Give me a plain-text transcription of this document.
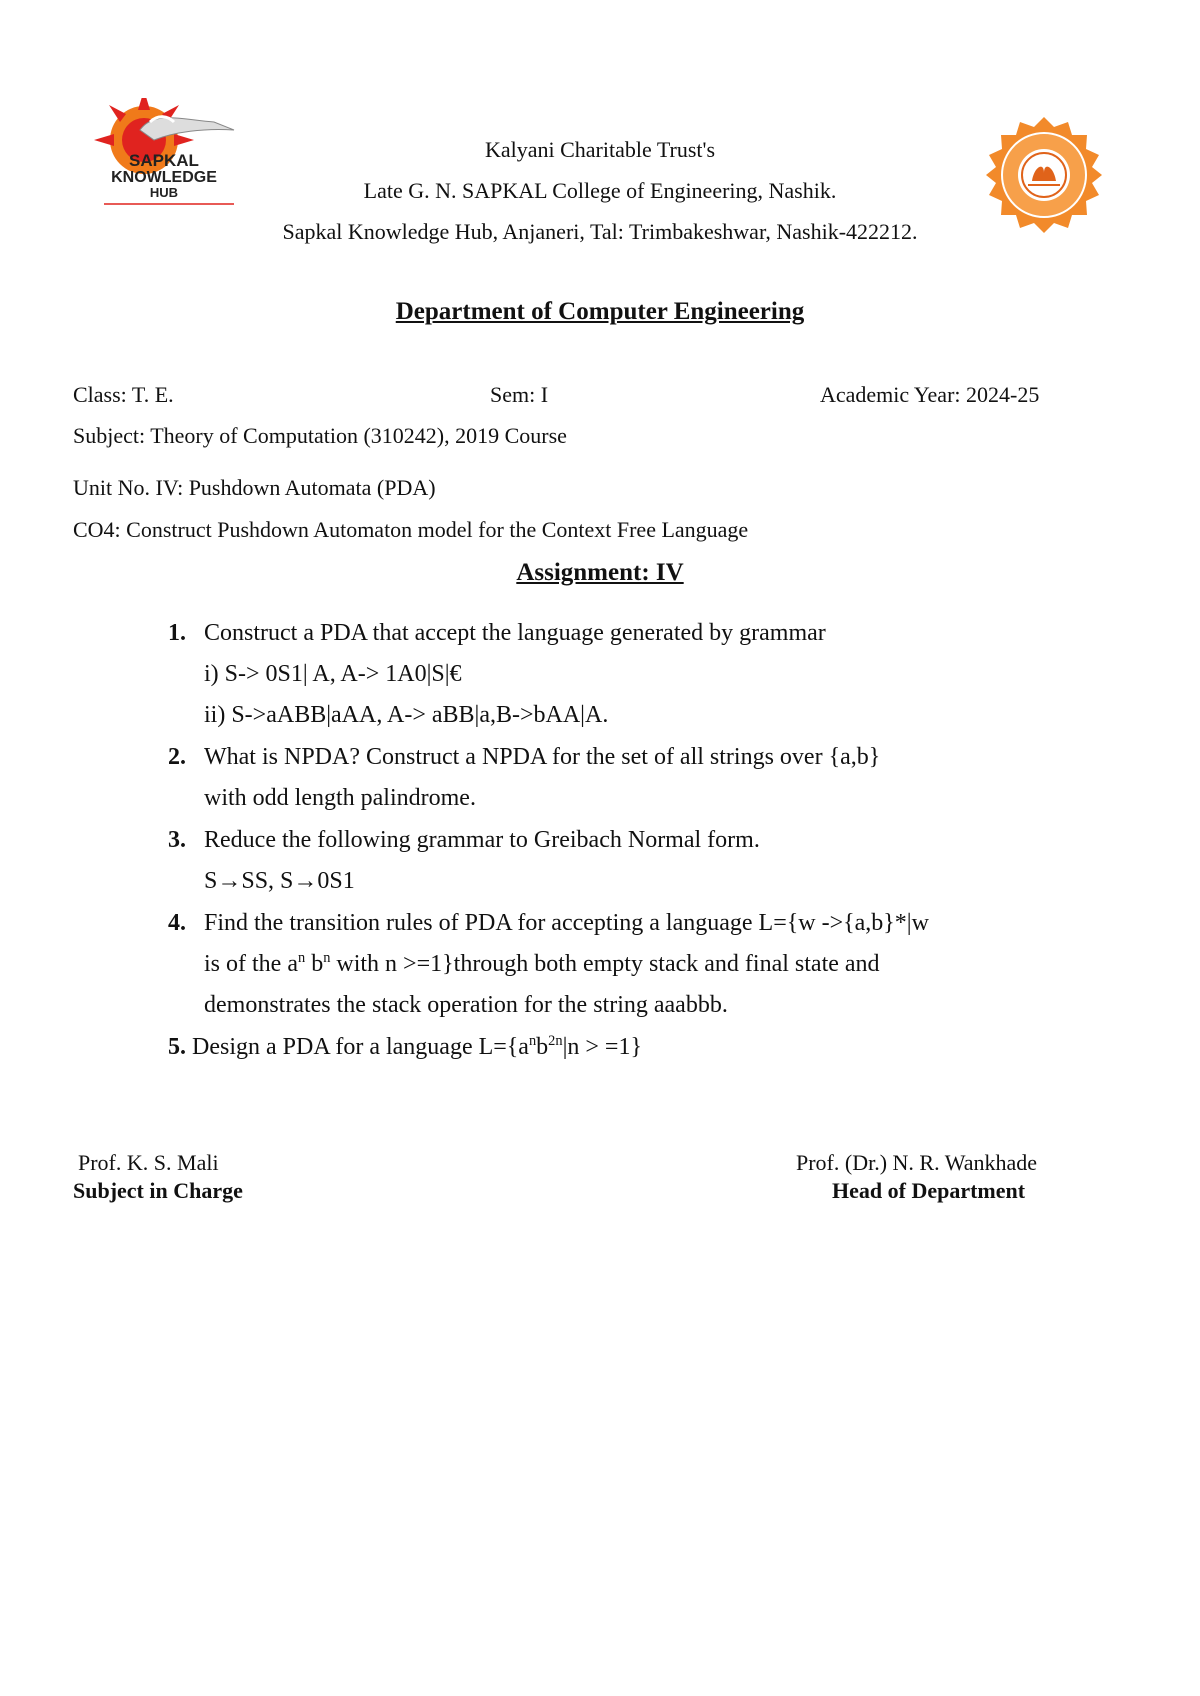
SAPKAL
KNOWLEDGE
HUB
Kalyani Charitable Trust's
Late G. N. SAPKAL College of Engineering, Nashik.
Sapkal Knowledge Hub, Anjaneri, Tal: Trimbakeshwar, Nashik-422212.
Department of Computer Engineering
Class: T. E.	Sem: I	Academic Year: 2024-25
Subject: Theory of Computation (310242), 2019 Course
Unit No. IV: Pushdown Automata (PDA)
CO4: Construct Pushdown Automaton model for the Context Free Language
Assignment: IV
1. Construct a PDA that accept the language generated by grammar
i) S-> 0S1| A, A-> 1A0|S|€
ii) S->aABB|aAA, A-> aBB|a,B->bAA|A.
2. What is NPDA? Construct a NPDA for the set of all strings over {a,b}
with odd length palindrome.
3. Reduce the following grammar to Greibach Normal form.
S→SS, S→0S1
4. Find the transition rules of PDA for accepting a language L={w ->{a,b}*|w
is of the $a^n$ $b^n$ with n >=1}through both empty stack and final state and
demonstrates the stack operation for the string aaabbb.
5. Design a PDA for a language $L=\{a^nb^{2n}|n > =1\}$
Prof. K. S. Mali
Subject in Charge
Prof. (Dr.) N. R. Wankhade
Head of Department
